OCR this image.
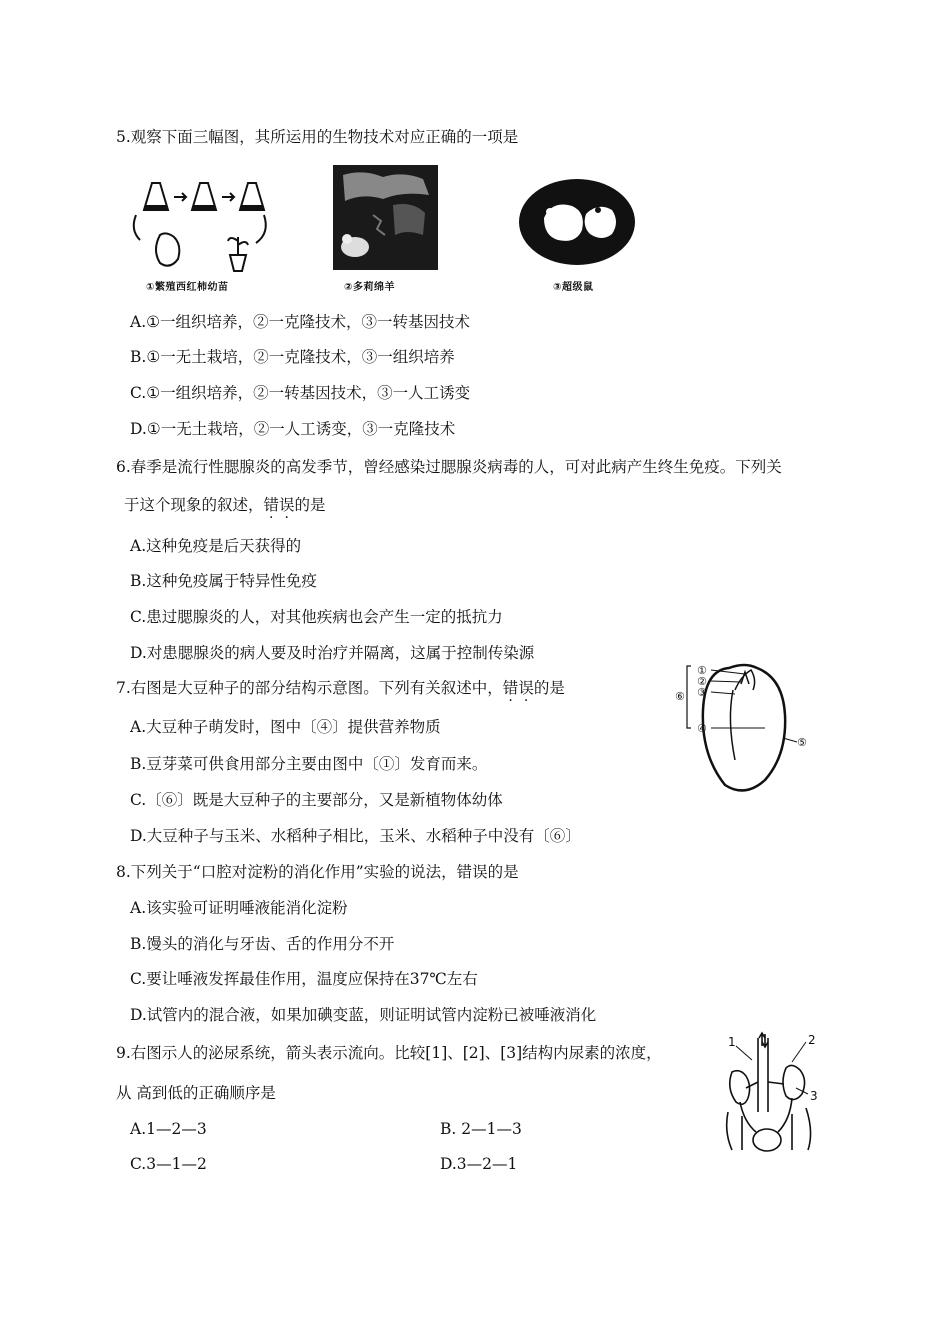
5.观察下面三幅图，其所运用的生物技术对应正确的一项是
①繁殖西红柿幼苗	②多莉绵羊	③超级鼠
A.①一组织培养，②一克隆技术，③一转基因技术
B.①一无土栽培，②一克隆技术，③一组织培养
C.①一组织培养，②一转基因技术，③一人工诱变
D.①一无土栽培，②一人工诱变，③一克隆技术
6.春季是流行性腮腺炎的高发季节，曾经感染过腮腺炎病毒的人，可对此病产生终生免疫。下列关
于这个现象的叙述，错误的是
A.这种免疫是后天获得的
B.这种免疫属于特异性免疫
C.患过腮腺炎的人，对其他疾病也会产生一定的抵抗力
D.对患腮腺炎的病人要及时治疗并隔离，这属于控制传染源
①
②
③
④
⑤
⑥
7.右图是大豆种子的部分结构示意图。下列有关叙述中，错误的是
A.大豆种子萌发时，图中〔④〕提供营养物质
B.豆芽菜可供食用部分主要由图中〔①〕发育而来。
C.〔⑥〕既是大豆种子的主要部分，又是新植物体幼体
D.大豆种子与玉米、水稻种子相比，玉米、水稻种子中没有〔⑥〕
8.下列关于“口腔对淀粉的消化作用”实验的说法，错误的是
A.该实验可证明唾液能消化淀粉
B.馒头的消化与牙齿、舌的作用分不开
C.要让唾液发挥最佳作用，温度应保持在37℃左右
D.试管内的混合液，如果加碘变蓝，则证明试管内淀粉已被唾液消化
1	2
3
9.右图示人的泌尿系统，箭头表示流向。比较[1]、[2]、[3]结构内尿素的浓度，
从 高到低的正确顺序是
A.1—2—3	B. 2—1—3
C.3—1—2	D.3—2—1
